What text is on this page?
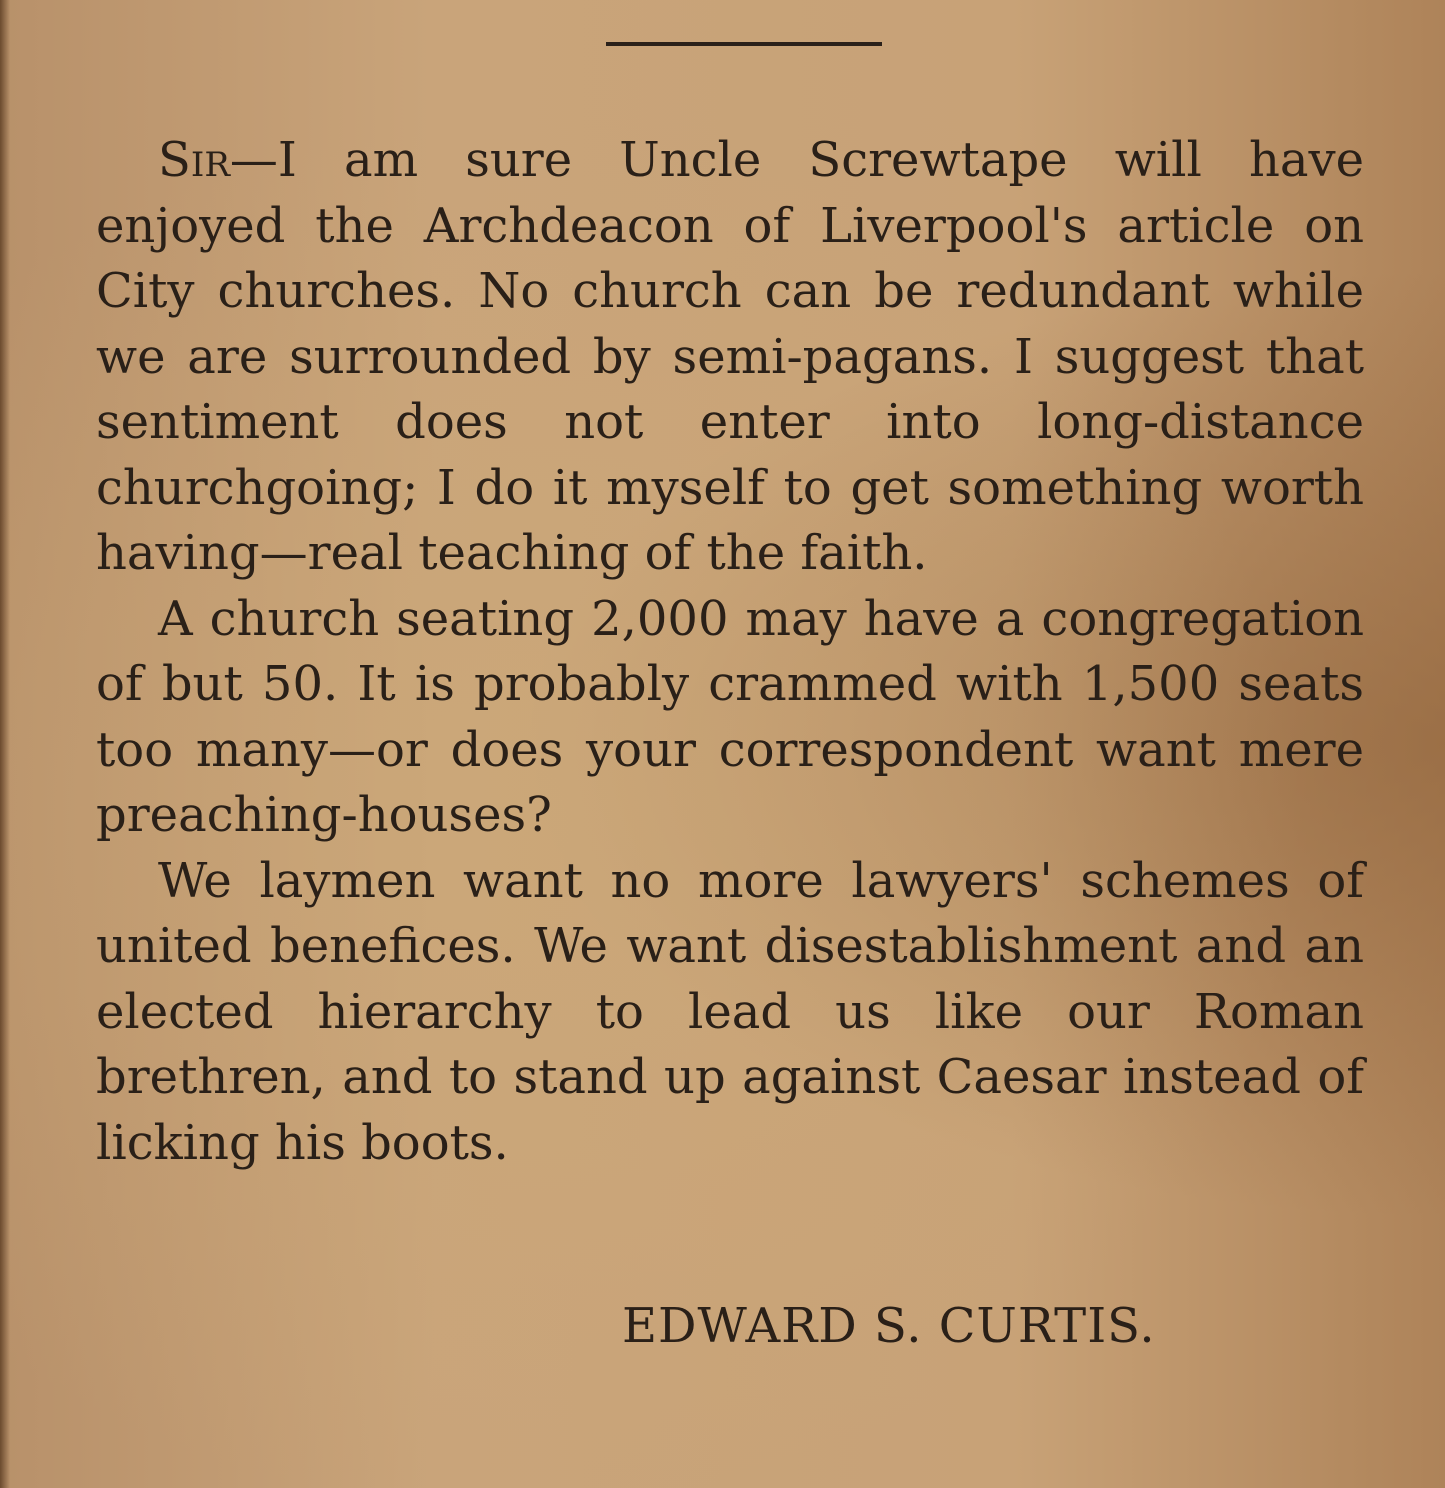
Sir—I am sure Uncle Screwtape will have enjoyed the Archdeacon of Liverpool's article on City churches. No church can be redundant while we are surrounded by semi-pagans. I suggest that sentiment does not enter into long-distance churchgoing; I do it myself to get something worth having—real teaching of the faith.

A church seating 2,000 may have a congregation of but 50. It is probably crammed with 1,500 seats too many—or does your correspondent want mere preaching-houses?

We laymen want no more lawyers' schemes of united benefices. We want disestablishment and an elected hierarchy to lead us like our Roman brethren, and to stand up against Caesar instead of licking his boots.

EDWARD S. CURTIS.
